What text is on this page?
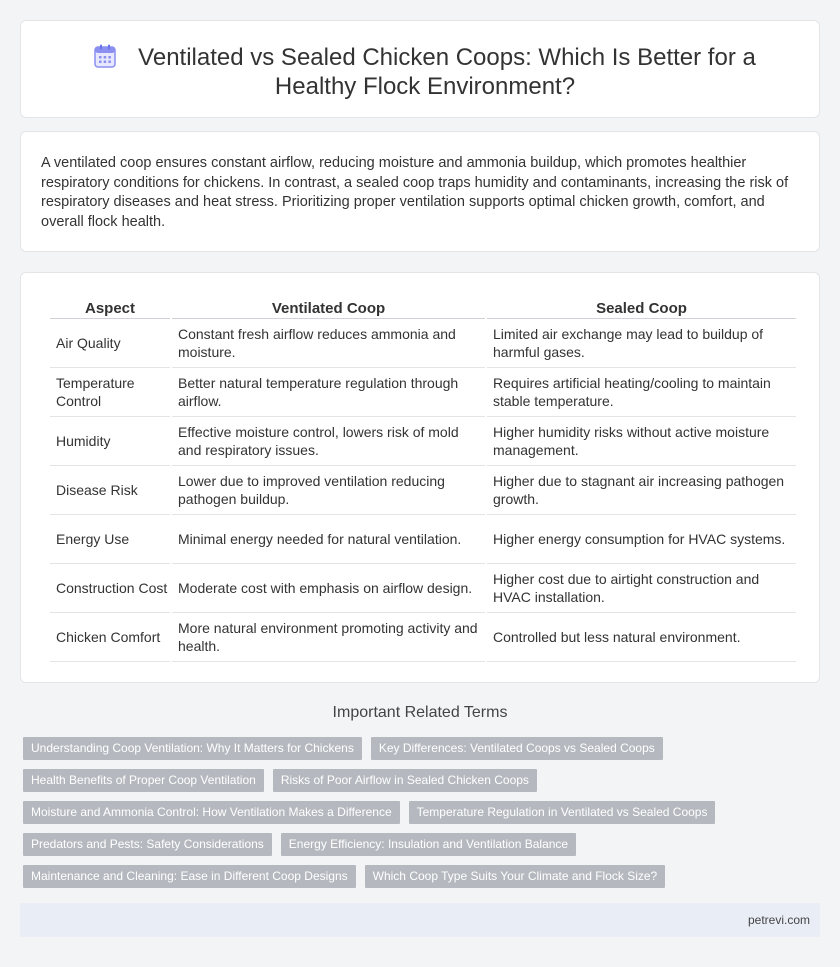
Ventilated vs Sealed Chicken Coops: Which Is Better for a Healthy Flock Environment?

A ventilated coop ensures constant airflow, reducing moisture and ammonia buildup, which promotes healthier respiratory conditions for chickens. In contrast, a sealed coop traps humidity and contaminants, increasing the risk of respiratory diseases and heat stress. Prioritizing proper ventilation supports optimal chicken growth, comfort, and overall flock health.

Aspect	Ventilated Coop	Sealed Coop
Air Quality	Constant fresh airflow reduces ammonia and moisture.	Limited air exchange may lead to buildup of harmful gases.
Temperature Control	Better natural temperature regulation through airflow.	Requires artificial heating/cooling to maintain stable temperature.
Humidity	Effective moisture control, lowers risk of mold and respiratory issues.	Higher humidity risks without active moisture management.
Disease Risk	Lower due to improved ventilation reducing pathogen buildup.	Higher due to stagnant air increasing pathogen growth.
Energy Use	Minimal energy needed for natural ventilation.	Higher energy consumption for HVAC systems.
Construction Cost	Moderate cost with emphasis on airflow design.	Higher cost due to airtight construction and HVAC installation.
Chicken Comfort	More natural environment promoting activity and health.	Controlled but less natural environment.
Important Related Terms
Understanding Coop Ventilation: Why It Matters for Chickens	Key Differences: Ventilated Coops vs Sealed Coops
Health Benefits of Proper Coop Ventilation	Risks of Poor Airflow in Sealed Chicken Coops
Moisture and Ammonia Control: How Ventilation Makes a Difference	Temperature Regulation in Ventilated vs Sealed Coops
Predators and Pests: Safety Considerations	Energy Efficiency: Insulation and Ventilation Balance
Maintenance and Cleaning: Ease in Different Coop Designs	Which Coop Type Suits Your Climate and Flock Size?
petrevi.com
